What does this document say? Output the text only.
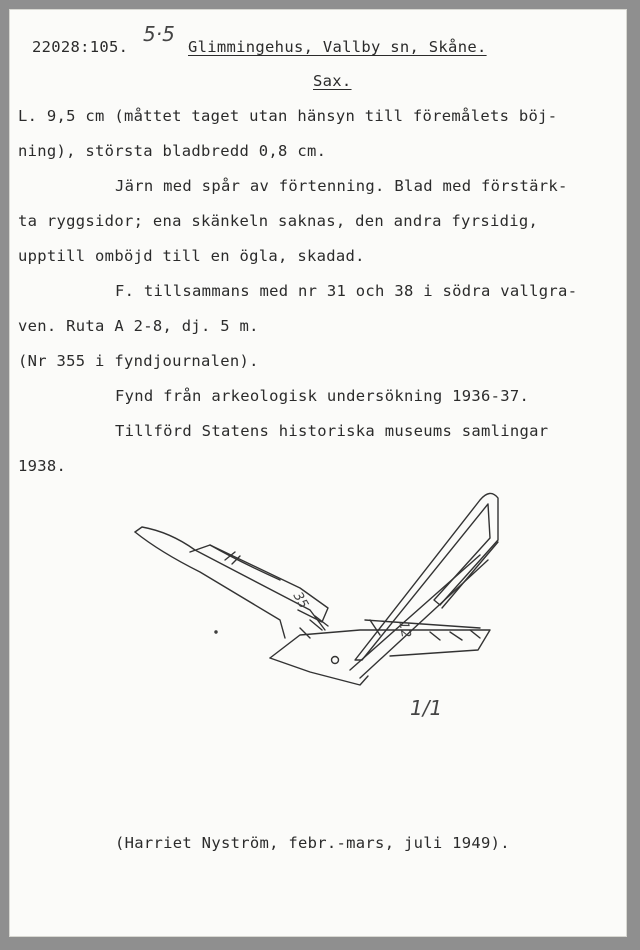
22028:105.
5·5
Glimmingehus, Vallby sn, Skåne.
Sax.
L. 9,5 cm (måttet taget utan hänsyn till föremålets böj-
ning), största bladbredd 0,8 cm.
Järn med spår av förtenning. Blad med förstärk-
ta ryggsidor; ena skänkeln saknas, den andra fyrsidig,
upptill omböjd till en ögla, skadad.
F. tillsammans med nr 31 och 38 i södra vallgra-
ven. Ruta A 2-8, dj. 5 m.
(Nr 355 i fyndjournalen).
Fynd från arkeologisk undersökning 1936-37.
Tillförd Statens historiska museums samlingar
1938.
35
12
1/1
(Harriet Nyström, febr.-mars, juli 1949).
